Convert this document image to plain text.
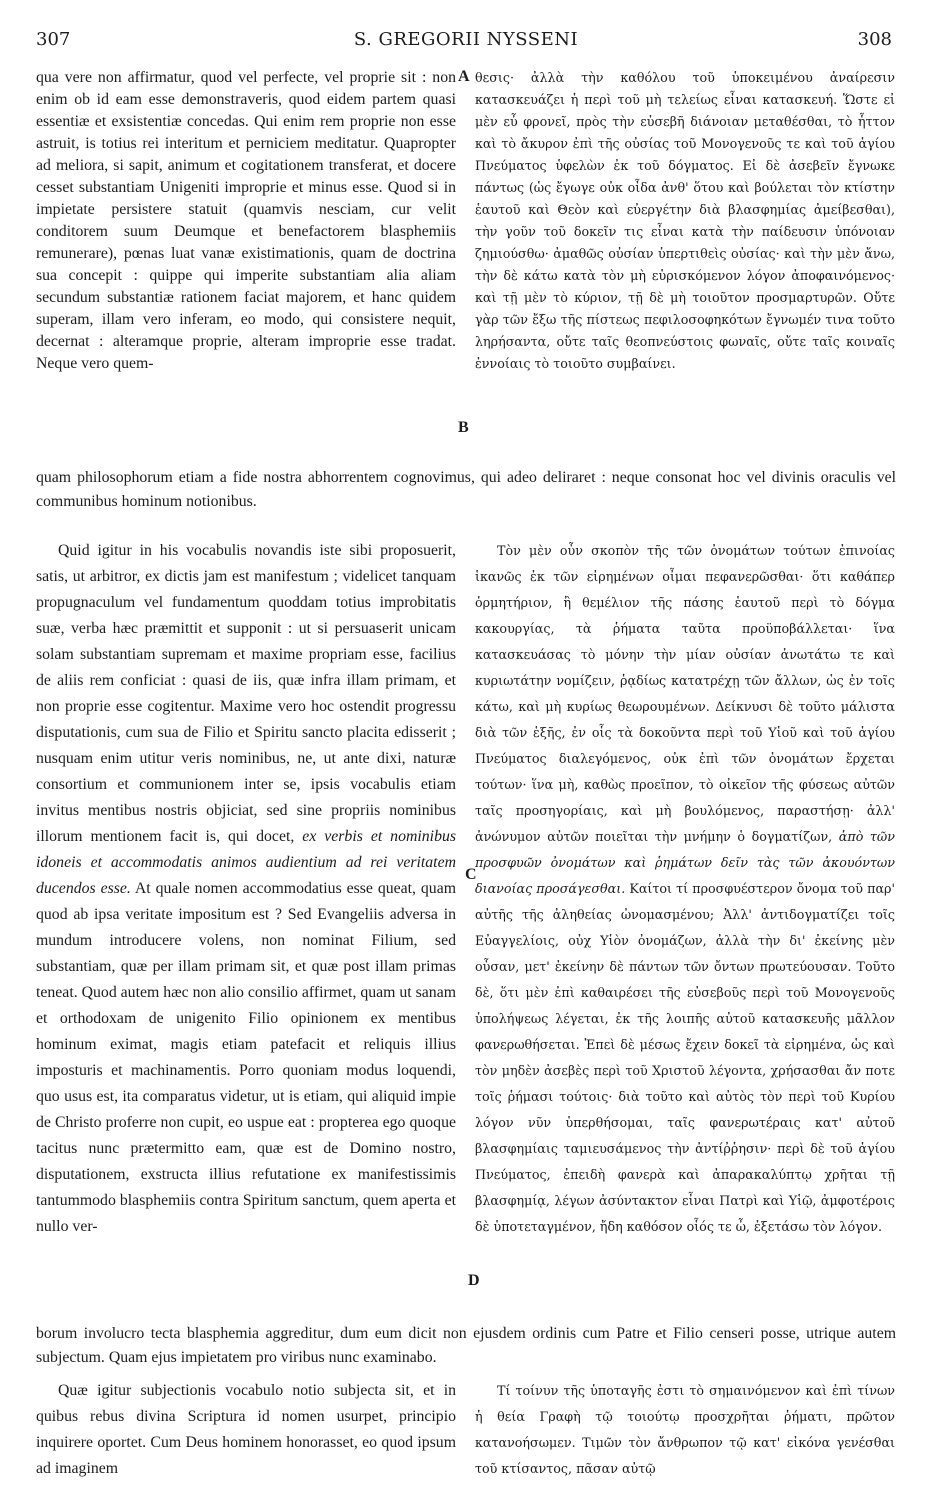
307	S. GREGORII NYSSENI	308

qua vere non affirmatur, quod vel perfecte, vel proprie sit : non enim ob id eam esse demonstraveris, quod eidem partem quasi essentiæ et exsistentiæ concedas. Qui enim rem proprie non esse astruit, is totius rei interitum et perniciem meditatur. Quapropter ad meliora, si sapit, animum et cogitationem transferat, et docere cesset substantiam Unigeniti improprie et minus esse. Quod si in impietate persistere statuit (quamvis nesciam, cur velit conditorem suum Deumque et benefactorem blasphemiis remunerare), pœnas luat vanæ existimationis, quam de doctrina sua concepit : quippe qui imperite substantiam alia aliam secundum substantiæ rationem faciat majorem, et hanc quidem superam, illam vero inferam, eo modo, qui consistere nequit, decernat : alteramque proprie, alteram improprie esse tradat. Neque vero quem-

θεσις· ἀλλὰ τὴν καθόλου τοῦ ὑποκειμένου ἀναίρεσιν κατασκευάζει ἡ περὶ τοῦ μὴ τελείως εἶναι κατασκευή. Ὥστε εἰ μὲν εὖ φρονεῖ, πρὸς τὴν εὐσεβῆ διάνοιαν μεταθέσθαι, τὸ ἧττον καὶ τὸ ἄκυρον ἐπὶ τῆς οὐσίας τοῦ Μονογενοῦς τε καὶ τοῦ ἁγίου Πνεύματος ὑφελὼν ἐκ τοῦ δόγματος. Εἰ δὲ ἀσεβεῖν ἔγνωκε πάντως (ὡς ἔγωγε οὐκ οἶδα ἀνθ' ὅτου καὶ βούλεται τὸν κτίστην ἑαυτοῦ καὶ Θεὸν καὶ εὐεργέτην διὰ βλασφημίας ἀμείβεσθαι), τὴν γοῦν τοῦ δοκεῖν τις εἶναι κατὰ τὴν παίδευσιν ὑπόνοιαν ζημιούσθω· ἀμαθῶς οὐσίαν ὑπερτιθεὶς οὐσίας· καὶ τὴν μὲν ἄνω, τὴν δὲ κάτω κατὰ τὸν μὴ εὑρισκόμενον λόγον ἀποφαινόμενος· καὶ τῇ μὲν τὸ κύριον, τῇ δὲ μὴ τοιοῦτον προσμαρτυρῶν. Οὔτε γὰρ τῶν ἔξω τῆς πίστεως πεφιλοσοφηκότων ἔγνωμέν τινα τοῦτο ληρήσαντα, οὔτε ταῖς θεοπνεύστοις φωναῖς, οὔτε ταῖς κοιναῖς ἐννοίαις τὸ τοιοῦτο συμβαίνει.

A
B
quam philosophorum etiam a fide nostra abhorrentem cognovimus, qui adeo deliraret : neque consonat hoc vel divinis oraculis vel communibus hominum notionibus.

Quid igitur in his vocabulis novandis iste sibi proposuerit, satis, ut arbitror, ex dictis jam est manifestum ; videlicet tanquam propugnaculum vel fundamentum quoddam totius improbitatis suæ, verba hæc præmittit et supponit : ut si persuaserit unicam solam substantiam supremam et maxime propriam esse, facilius de aliis rem conficiat : quasi de iis, quæ infra illam primam, et non proprie esse cogitentur. Maxime vero hoc ostendit progressu disputationis, cum sua de Filio et Spiritu sancto placita edisserit ; nusquam enim utitur veris nominibus, ne, ut ante dixi, naturæ consortium et communionem inter se, ipsis vocabulis etiam invitus mentibus nostris objiciat, sed sine propriis nominibus illorum mentionem facit is, qui docet, ex verbis et nominibus idoneis et accommodatis animos audientium ad rei veritatem ducendos esse. At quale nomen accommodatius esse queat, quam quod ab ipsa veritate impositum est ? Sed Evangeliis adversa in mundum introducere volens, non nominat Filium, sed substantiam, quæ per illam primam sit, et quæ post illam primas teneat. Quod autem hæc non alio consilio affirmet, quam ut sanam et orthodoxam de unigenito Filio opinionem ex mentibus hominum eximat, magis etiam patefacit et reliquis illius imposturis et machinamentis. Porro quoniam modus loquendi, quo usus est, ita comparatus videtur, ut is etiam, qui aliquid impie de Christo proferre non cupit, eo uspue eat : propterea ego quoque tacitus nunc prætermitto eam, quæ est de Domino nostro, disputationem, exstructa illius refutatione ex manifestissimis tantummodo blasphemiis contra Spiritum sanctum, quem aperta et nullo ver-

Τὸν μὲν οὖν σκοπὸν τῆς τῶν ὀνομάτων τούτων ἐπινοίας ἱκανῶς ἐκ τῶν εἰρημένων οἶμαι πεφανερῶσθαι· ὅτι καθάπερ ὁρμητήριον, ἢ θεμέλιον τῆς πάσης ἑαυτοῦ περὶ τὸ δόγμα κακουργίας, τὰ ῥήματα ταῦτα προϋποβάλλεται· ἵνα κατασκευάσας τὸ μόνην τὴν μίαν οὐσίαν ἀνωτάτω τε καὶ κυριωτάτην νομίζειν, ῥᾳδίως κατατρέχῃ τῶν ἄλλων, ὡς ἐν τοῖς κάτω, καὶ μὴ κυρίως θεωρουμένων. Δείκνυσι δὲ τοῦτο μάλιστα διὰ τῶν ἑξῆς, ἐν οἷς τὰ δοκοῦντα περὶ τοῦ Υἱοῦ καὶ τοῦ ἁγίου Πνεύματος διαλεγόμενος, οὐκ ἐπὶ τῶν ὀνομάτων ἔρχεται τούτων· ἵνα μὴ, καθὼς προεῖπον, τὸ οἰκεῖον τῆς φύσεως αὐτῶν ταῖς προσηγορίαις, καὶ μὴ βουλόμενος, παραστήσῃ· ἀλλ' ἀνώνυμον αὐτῶν ποιεῖται τὴν μνήμην ὁ δογματίζων, ἀπὸ τῶν προσφυῶν ὀνομάτων καὶ ῥημάτων δεῖν τὰς τῶν ἀκουόντων διανοίας προσάγεσθαι. Καίτοι τί προσφυέστερον ὄνομα τοῦ παρ' αὐτῆς τῆς ἀληθείας ὠνομασμένου; Ἀλλ' ἀντιδογματίζει τοῖς Εὐαγγελίοις, οὐχ Υἱὸν ὀνομάζων, ἀλλὰ τὴν δι' ἐκείνης μὲν οὖσαν, μετ' ἐκείνην δὲ πάντων τῶν ὄντων πρωτεύουσαν. Τοῦτο δὲ, ὅτι μὲν ἐπὶ καθαιρέσει τῆς εὐσεβοῦς περὶ τοῦ Μονογενοῦς ὑπολήψεως λέγεται, ἐκ τῆς λοιπῆς αὐτοῦ κατασκευῆς μᾶλλον φανερωθήσεται. Ἐπεὶ δὲ μέσως ἔχειν δοκεῖ τὰ εἰρημένα, ὡς καὶ τὸν μηδὲν ἀσεβὲς περὶ τοῦ Χριστοῦ λέγοντα, χρήσασθαι ἄν ποτε τοῖς ῥήμασι τούτοις· διὰ τοῦτο καὶ αὐτὸς τὸν περὶ τοῦ Κυρίου λόγον νῦν ὑπερθήσομαι, ταῖς φανερωτέραις κατ' αὐτοῦ βλασφημίαις ταμιευσάμενος τὴν ἀντίῤῥησιν· περὶ δὲ τοῦ ἁγίου Πνεύματος, ἐπειδὴ φανερὰ καὶ ἀπαρακαλύπτῳ χρῆται τῇ βλασφημίᾳ, λέγων ἀσύντακτον εἶναι Πατρὶ καὶ Υἱῷ, ἀμφοτέροις δὲ ὑποτεταγμένον, ἤδη καθόσον οἷός τε ὦ, ἐξετάσω τὸν λόγον.

C
D
borum involucro tecta blasphemia aggreditur, dum eum dicit non ejusdem ordinis cum Patre et Filio censeri posse, utrique autem subjectum. Quam ejus impietatem pro viribus nunc examinabo.

Quæ igitur subjectionis vocabulo notio subjecta sit, et in quibus rebus divina Scriptura id nomen usurpet, principio inquirere oportet. Cum Deus hominem honorasset, eo quod ipsum ad imaginem

Τί τοίνυν τῆς ὑποταγῆς ἐστι τὸ σημαινόμενον καὶ ἐπὶ τίνων ἡ θεία Γραφὴ τῷ τοιούτῳ προσχρῆται ῥήματι, πρῶτον κατανοήσωμεν. Τιμῶν τὸν ἄνθρωπον τῷ κατ' εἰκόνα γενέσθαι τοῦ κτίσαντος, πᾶσαν αὐτῷ
